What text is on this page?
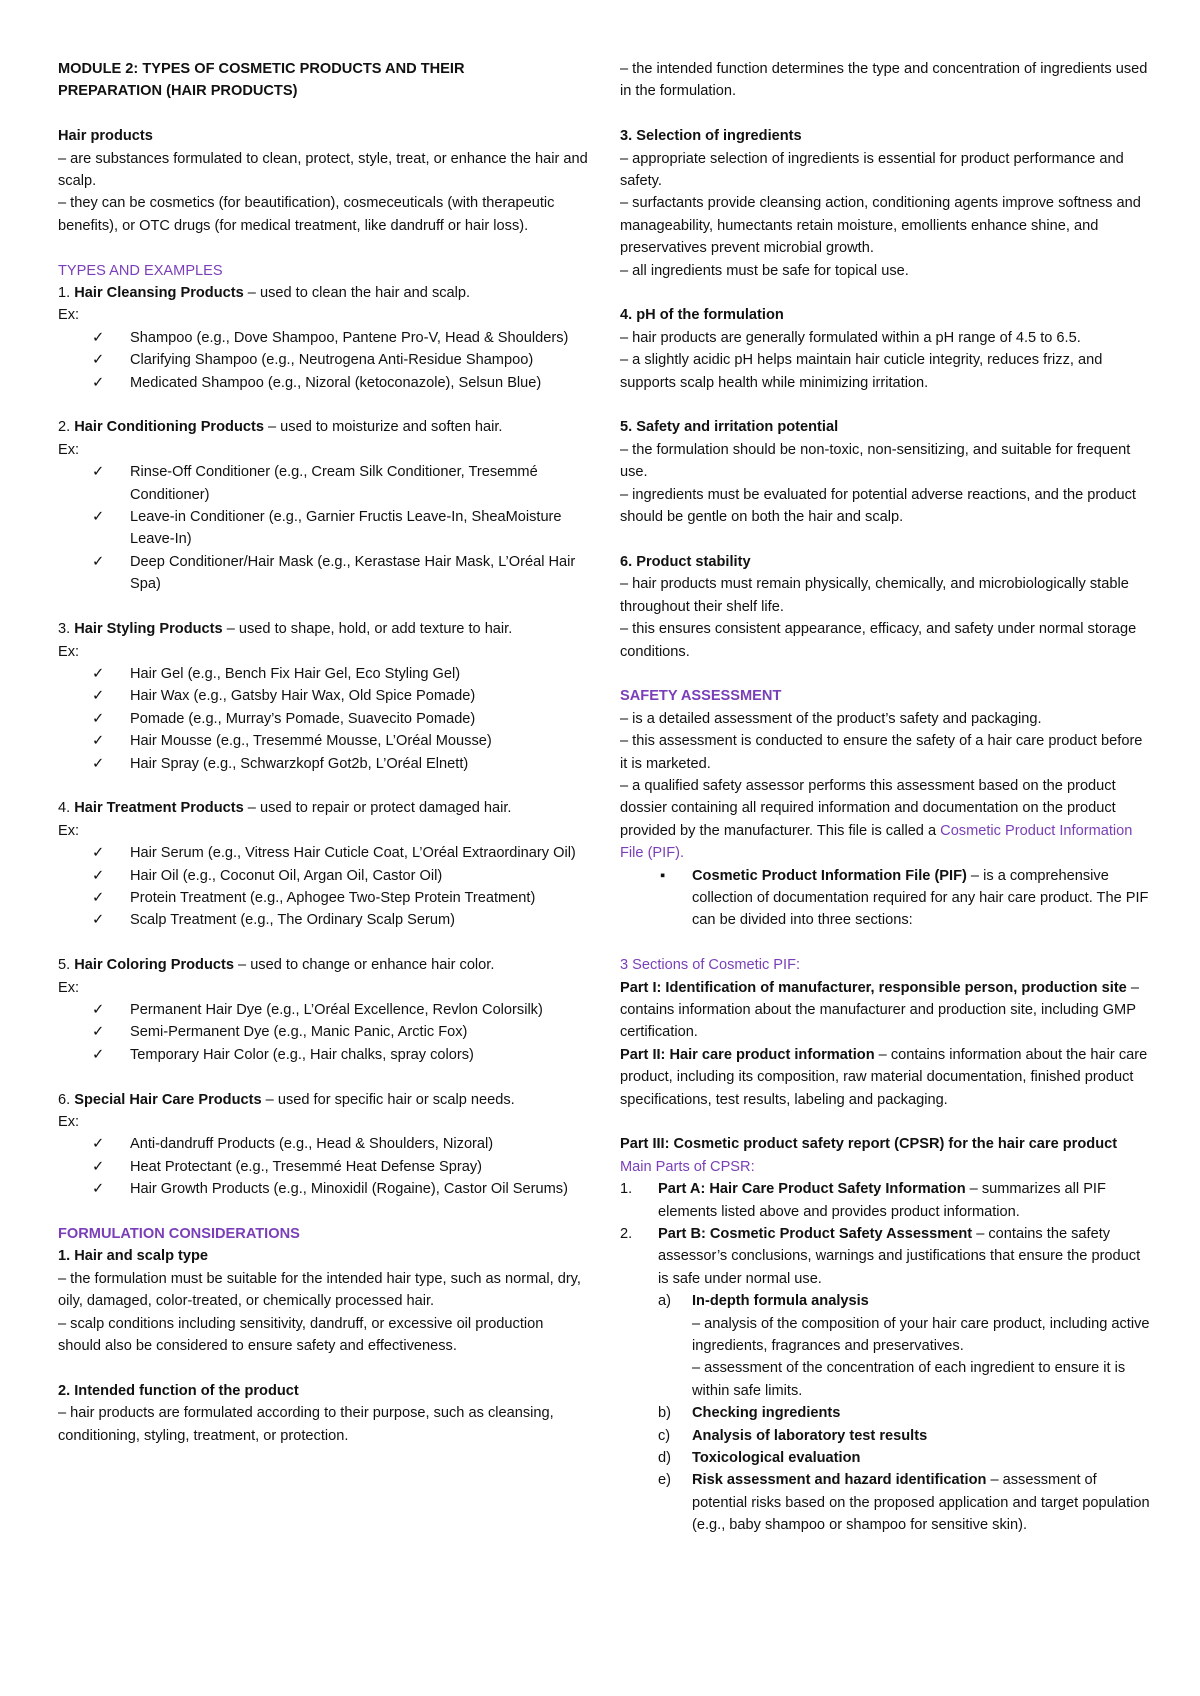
MODULE 2: TYPES OF COSMETIC PRODUCTS AND THEIR

PREPARATION (HAIR PRODUCTS)

Hair products

– are substances formulated to clean, protect, style, treat, or enhance the hair and scalp.

– they can be cosmetics (for beautification), cosmeceuticals (with therapeutic benefits), or OTC drugs (for medical treatment, like dandruff or hair loss).

TYPES AND EXAMPLES

1. Hair Cleansing Products – used to clean the hair and scalp.

Ex:

✓ Shampoo (e.g., Dove Shampoo, Pantene Pro-V, Head & Shoulders)
✓ Clarifying Shampoo (e.g., Neutrogena Anti-Residue Shampoo)
✓ Medicated Shampoo (e.g., Nizoral (ketoconazole), Selsun Blue)

2. Hair Conditioning Products – used to moisturize and soften hair.

Ex:

✓ Rinse-Off Conditioner (e.g., Cream Silk Conditioner, Tresemmé Conditioner)
✓ Leave-in Conditioner (e.g., Garnier Fructis Leave-In, SheaMoisture Leave-In)
✓ Deep Conditioner/Hair Mask (e.g., Kerastase Hair Mask, L’Oréal Hair Spa)

3. Hair Styling Products – used to shape, hold, or add texture to hair.

Ex:

✓ Hair Gel (e.g., Bench Fix Hair Gel, Eco Styling Gel)
✓ Hair Wax (e.g., Gatsby Hair Wax, Old Spice Pomade)
✓ Pomade (e.g., Murray’s Pomade, Suavecito Pomade)
✓ Hair Mousse (e.g., Tresemmé Mousse, L’Oréal Mousse)
✓ Hair Spray (e.g., Schwarzkopf Got2b, L’Oréal Elnett)

4. Hair Treatment Products – used to repair or protect damaged hair.

Ex:

✓ Hair Serum (e.g., Vitress Hair Cuticle Coat, L’Oréal Extraordinary Oil)
✓ Hair Oil (e.g., Coconut Oil, Argan Oil, Castor Oil)
✓ Protein Treatment (e.g., Aphogee Two-Step Protein Treatment)
✓ Scalp Treatment (e.g., The Ordinary Scalp Serum)

5. Hair Coloring Products – used to change or enhance hair color.

Ex:

✓ Permanent Hair Dye (e.g., L’Oréal Excellence, Revlon Colorsilk)
✓ Semi-Permanent Dye (e.g., Manic Panic, Arctic Fox)
✓ Temporary Hair Color (e.g., Hair chalks, spray colors)

6. Special Hair Care Products – used for specific hair or scalp needs.

Ex:

✓ Anti-dandruff Products (e.g., Head & Shoulders, Nizoral)
✓ Heat Protectant (e.g., Tresemmé Heat Defense Spray)
✓ Hair Growth Products (e.g., Minoxidil (Rogaine), Castor Oil Serums)

FORMULATION CONSIDERATIONS

1. Hair and scalp type

– the formulation must be suitable for the intended hair type, such as normal, dry, oily, damaged, color-treated, or chemically processed hair.

– scalp conditions including sensitivity, dandruff, or excessive oil production should also be considered to ensure safety and effectiveness.

2. Intended function of the product

– hair products are formulated according to their purpose, such as cleansing, conditioning, styling, treatment, or protection.

– the intended function determines the type and concentration of ingredients used in the formulation.

3. Selection of ingredients

– appropriate selection of ingredients is essential for product performance and safety.

– surfactants provide cleansing action, conditioning agents improve softness and manageability, humectants retain moisture, emollients enhance shine, and preservatives prevent microbial growth.

– all ingredients must be safe for topical use.

4. pH of the formulation

– hair products are generally formulated within a pH range of 4.5 to 6.5.

– a slightly acidic pH helps maintain hair cuticle integrity, reduces frizz, and supports scalp health while minimizing irritation.

5. Safety and irritation potential

– the formulation should be non-toxic, non-sensitizing, and suitable for frequent use.

– ingredients must be evaluated for potential adverse reactions, and the product should be gentle on both the hair and scalp.

6. Product stability

– hair products must remain physically, chemically, and microbiologically stable throughout their shelf life.

– this ensures consistent appearance, efficacy, and safety under normal storage conditions.

SAFETY ASSESSMENT

– is a detailed assessment of the product’s safety and packaging.

– this assessment is conducted to ensure the safety of a hair care product before it is marketed.

– a qualified safety assessor performs this assessment based on the product dossier containing all required information and documentation on the product provided by the manufacturer. This file is called a Cosmetic Product Information File (PIF).

▪ Cosmetic Product Information File (PIF) – is a comprehensive collection of documentation required for any hair care product. The PIF can be divided into three sections:

3 Sections of Cosmetic PIF:

Part I: Identification of manufacturer, responsible person, production site – contains information about the manufacturer and production site, including GMP certification.

Part II: Hair care product information – contains information about the hair care product, including its composition, raw material documentation, finished product specifications, test results, labeling and packaging.

Part III: Cosmetic product safety report (CPSR) for the hair care product

Main Parts of CPSR:

1. Part A: Hair Care Product Safety Information – summarizes all PIF elements listed above and provides product information.
2. Part B: Cosmetic Product Safety Assessment – contains the safety assessor’s conclusions, warnings and justifications that ensure the product is safe under normal use.
a) In-depth formula analysis
– analysis of the composition of your hair care product, including active ingredients, fragrances and preservatives.
– assessment of the concentration of each ingredient to ensure it is within safe limits.
b) Checking ingredients
c) Analysis of laboratory test results
d) Toxicological evaluation
e) Risk assessment and hazard identification – assessment of potential risks based on the proposed application and target population (e.g., baby shampoo or shampoo for sensitive skin).
